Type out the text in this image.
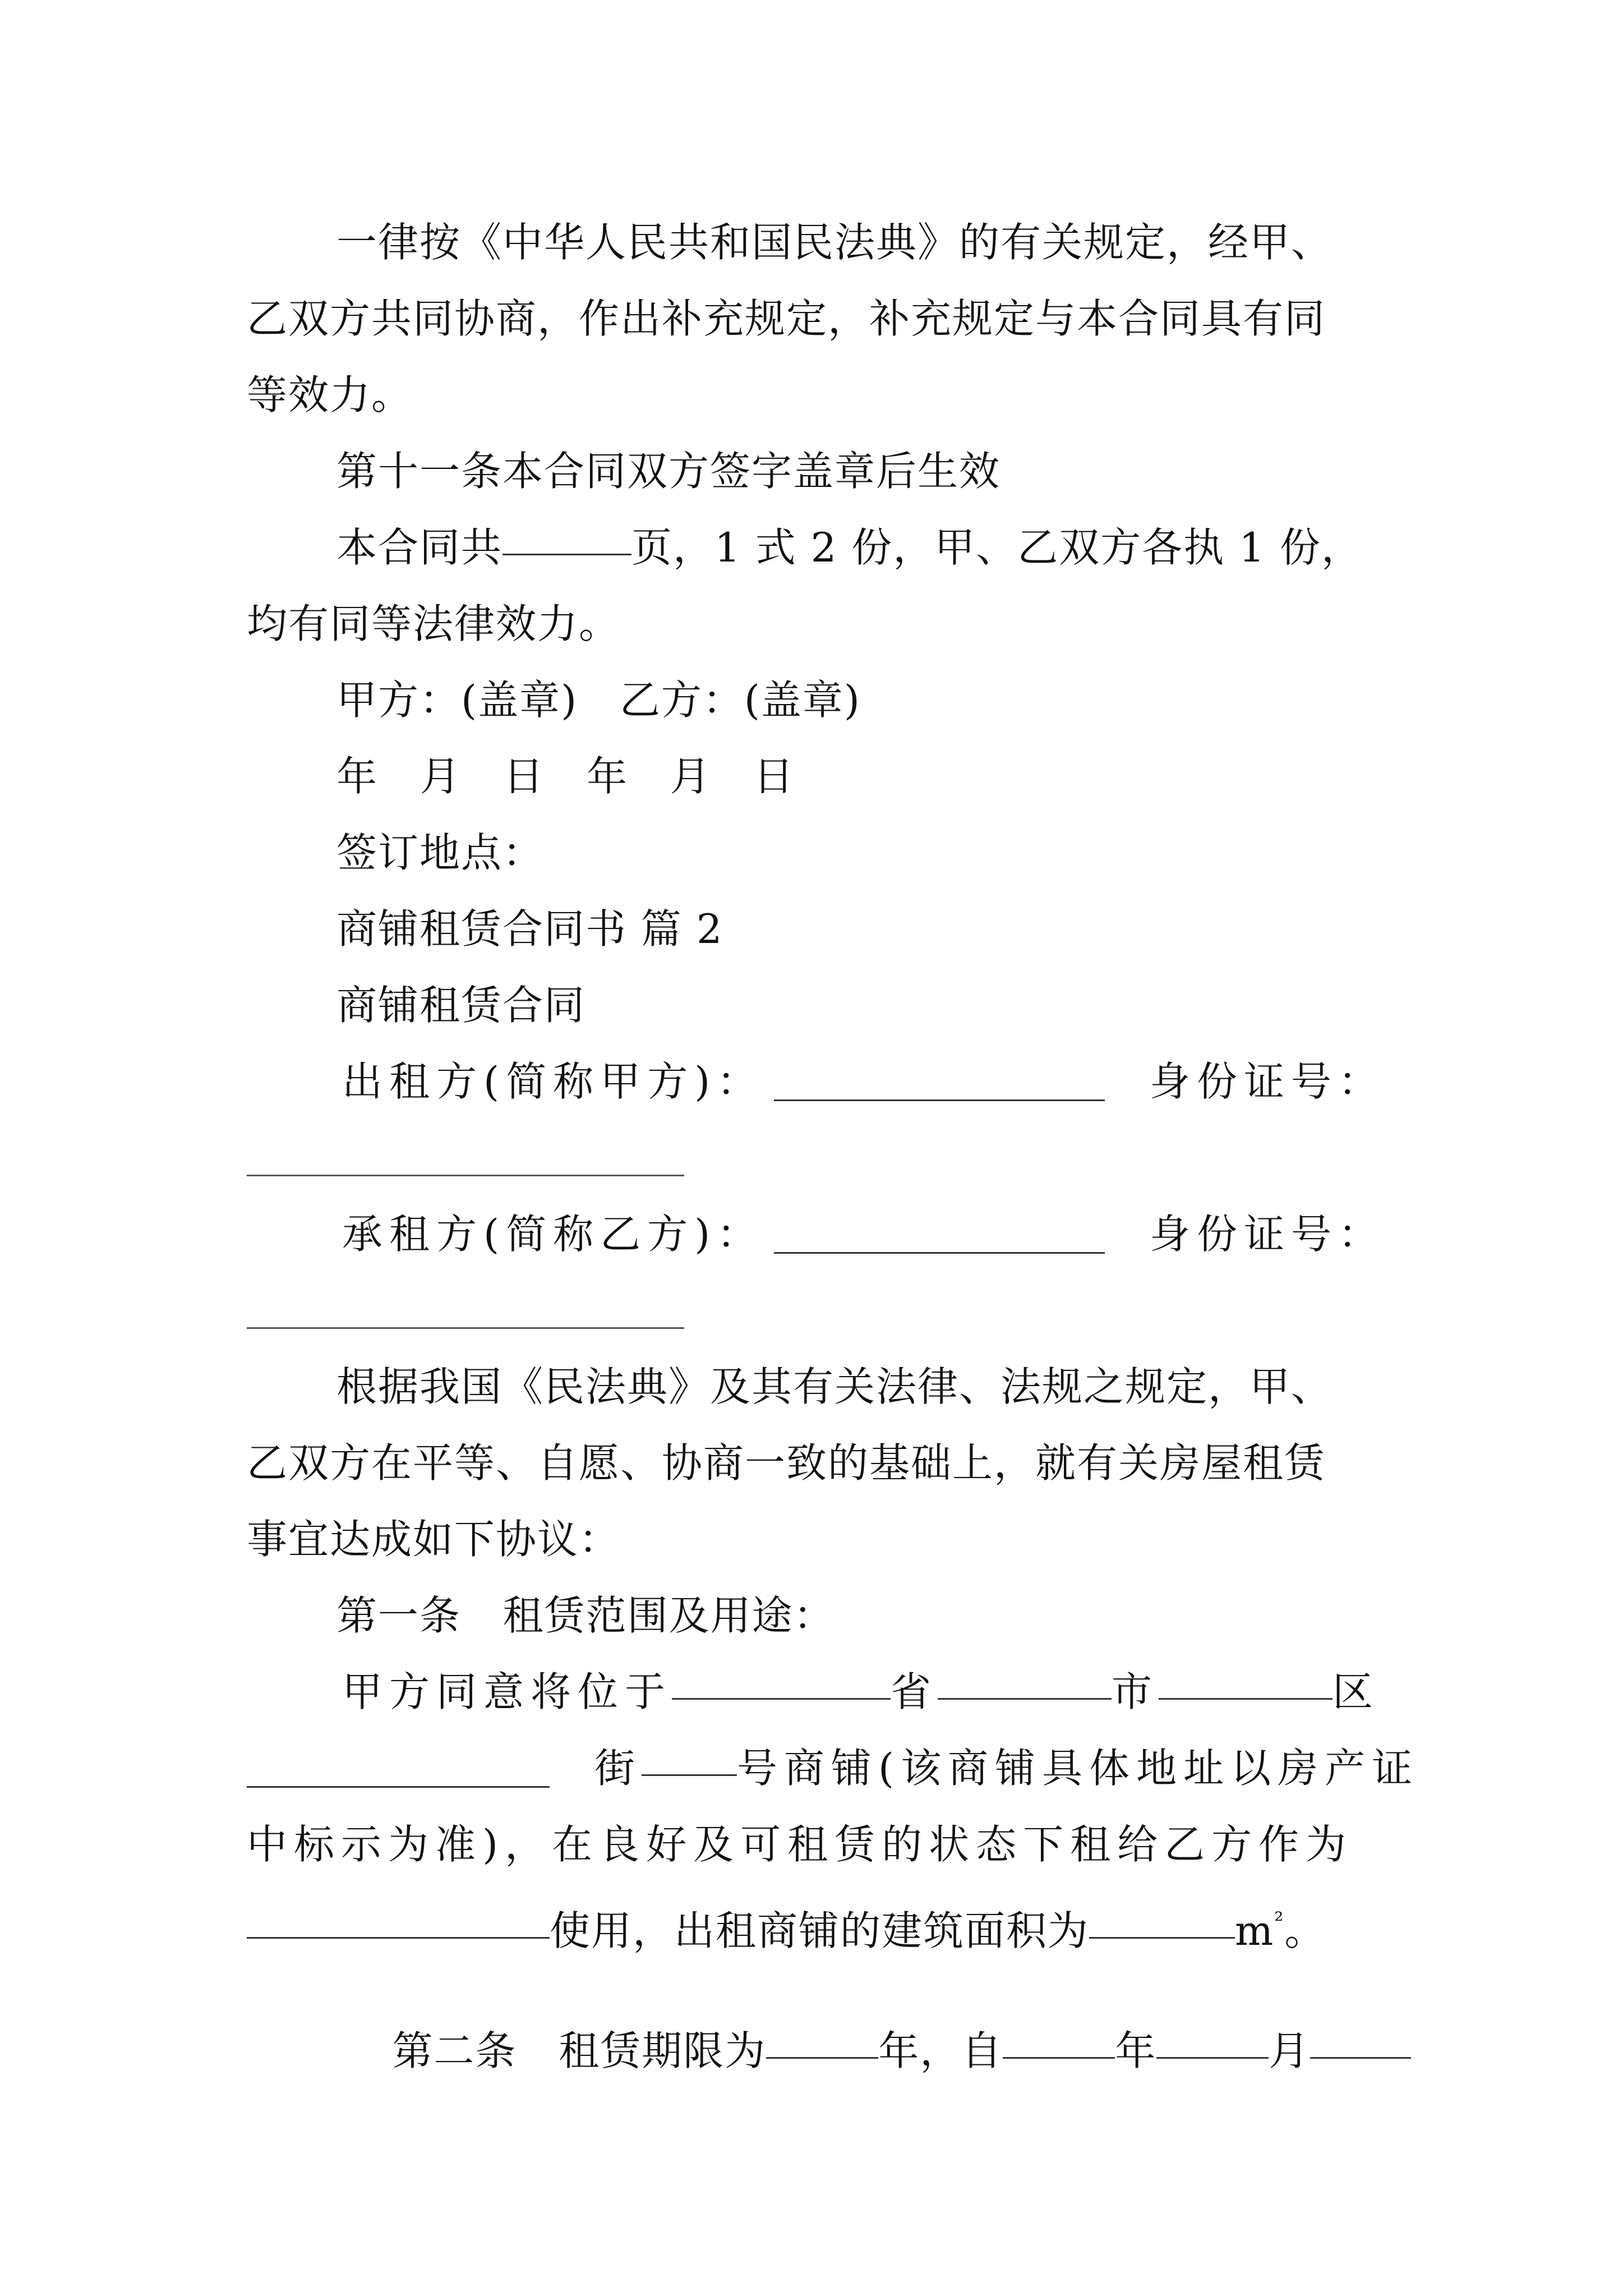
一律按《中华人民共和国民法典》的有关规定，经甲、
乙双方共同协商，作出补充规定，补充规定与本合同具有同
等效力。
第十一条本合同双方签字盖章后生效
本合同共	页，1 式 2 份，甲、乙双方各执 1 份，
均有同等法律效力。
甲方：(盖章)   乙方：(盖章)
年   月   日   年   月   日
签订地点：
商铺租赁合同书 篇 2
商铺租赁合同
出租方(简称甲方)：	身份证号：
承租方(简称乙方)：	身份证号：
根据我国《民法典》及其有关法律、法规之规定，甲、
乙双方在平等、自愿、协商一致的基础上，就有关房屋租赁
事宜达成如下协议：
第一条   租赁范围及用途：
甲方同意将位于	省	市	区
街 号商铺(该商铺具体地址以房产证
中标示为准)，在良好及可租赁的状态下租给乙方作为
使用，出租商铺的建筑面积为	$m^{^2}$。

第二条   租赁期限为	年，自	年	月
